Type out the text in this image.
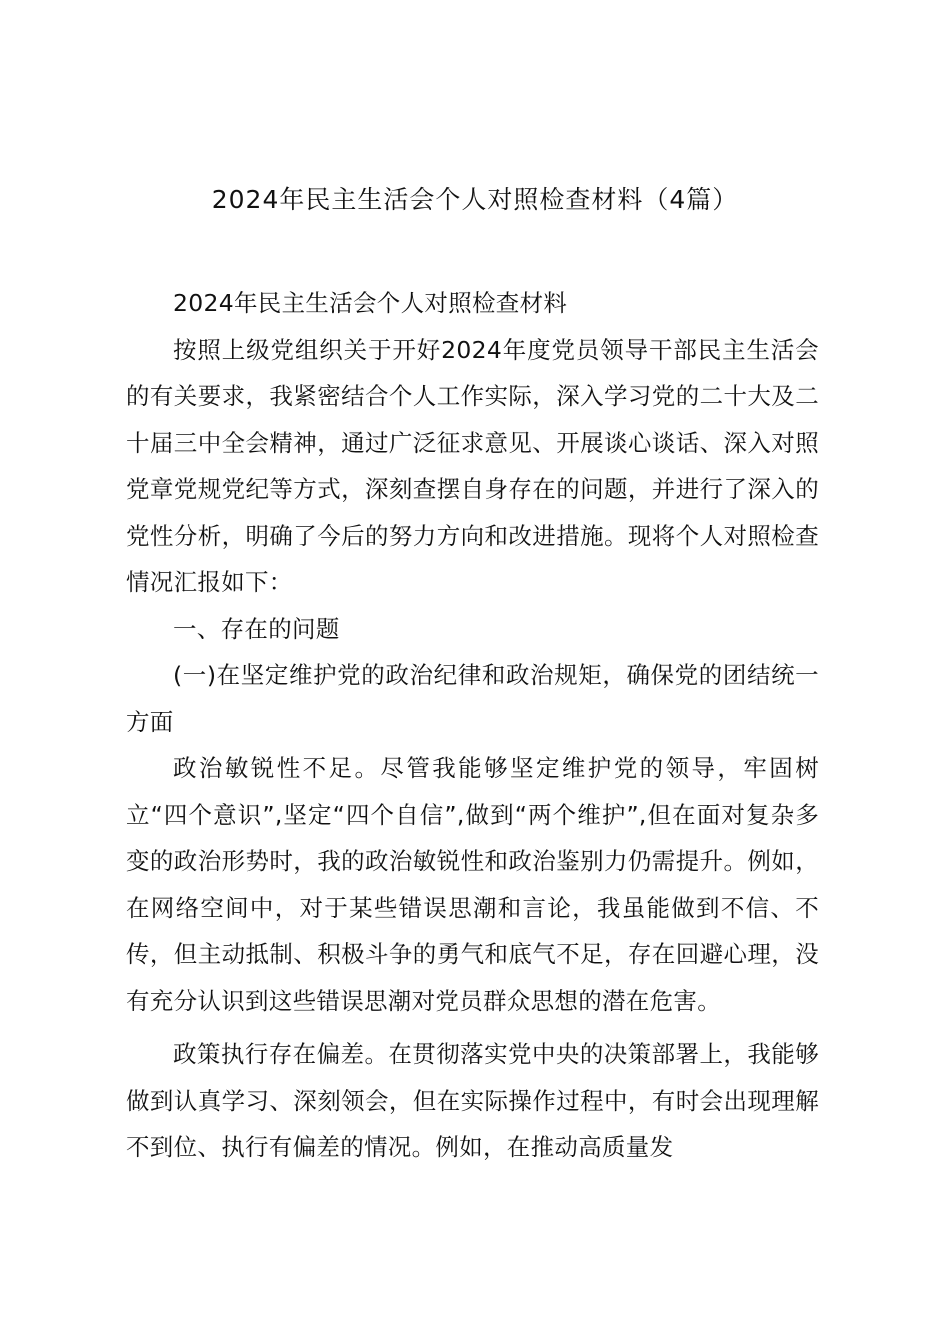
2024年民主生活会个人对照检查材料（4篇）

2024年民主生活会个人对照检查材料

按照上级党组织关于开好2024年度党员领导干部民主生活会的有关要求，我紧密结合个人工作实际，深入学习党的二十大及二十届三中全会精神，通过广泛征求意见、开展谈心谈话、深入对照党章党规党纪等方式，深刻查摆自身存在的问题，并进行了深入的党性分析，明确了今后的努力方向和改进措施。现将个人对照检查情况汇报如下：

一、存在的问题

(一)在坚定维护党的政治纪律和政治规矩，确保党的团结统一方面

政治敏锐性不足。尽管我能够坚定维护党的领导，牢固树立“四个意识”,坚定“四个自信”,做到“两个维护”,但在面对复杂多变的政治形势时，我的政治敏锐性和政治鉴别力仍需提升。例如，在网络空间中，对于某些错误思潮和言论，我虽能做到不信、不传，但主动抵制、积极斗争的勇气和底气不足，存在回避心理，没有充分认识到这些错误思潮对党员群众思想的潜在危害。

政策执行存在偏差。在贯彻落实党中央的决策部署上，我能够做到认真学习、深刻领会，但在实际操作过程中，有时会出现理解不到位、执行有偏差的情况。例如，在推动高质量发
